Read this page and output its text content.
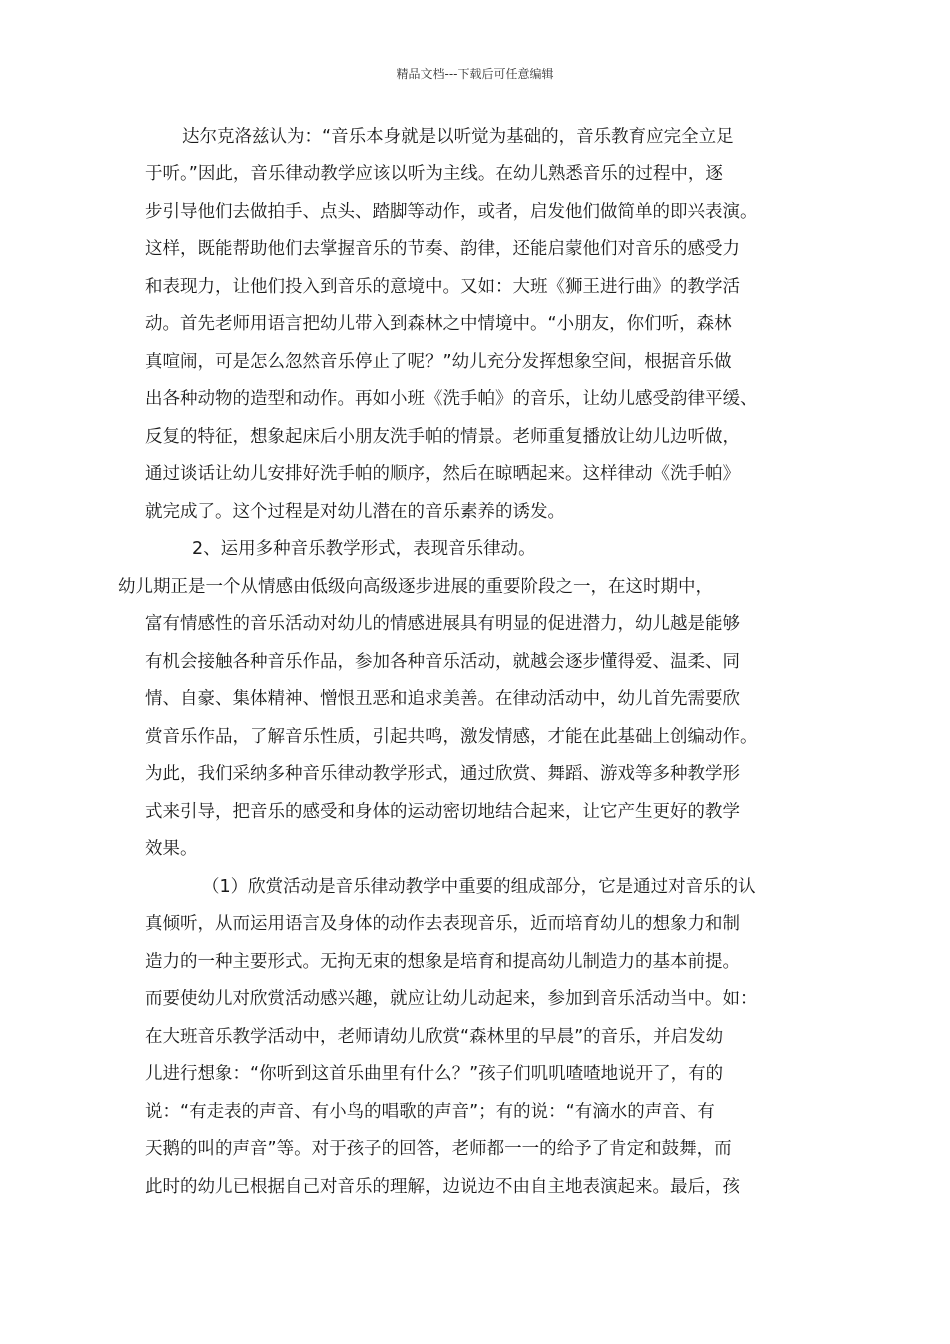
精品文档---下载后可任意编辑
达尔克洛兹认为：“音乐本身就是以听觉为基础的，音乐教育应完全立足
于听。”因此，音乐律动教学应该以听为主线。在幼儿熟悉音乐的过程中，逐
步引导他们去做拍手、点头、踏脚等动作，或者，启发他们做简单的即兴表演。
这样，既能帮助他们去掌握音乐的节奏、韵律，还能启蒙他们对音乐的感受力
和表现力，让他们投入到音乐的意境中。又如：大班《狮王进行曲》的教学活
动。首先老师用语言把幼儿带入到森林之中情境中。“小朋友，你们听，森林
真喧闹，可是怎么忽然音乐停止了呢？”幼儿充分发挥想象空间，根据音乐做
出各种动物的造型和动作。再如小班《洗手帕》的音乐，让幼儿感受韵律平缓、
反复的特征，想象起床后小朋友洗手帕的情景。老师重复播放让幼儿边听做，
通过谈话让幼儿安排好洗手帕的顺序，然后在晾晒起来。这样律动《洗手帕》
就完成了。这个过程是对幼儿潜在的音乐素养的诱发。
2、运用多种音乐教学形式，表现音乐律动。
幼儿期正是一个从情感由低级向高级逐步进展的重要阶段之一，在这时期中，
富有情感性的音乐活动对幼儿的情感进展具有明显的促进潜力，幼儿越是能够
有机会接触各种音乐作品，参加各种音乐活动，就越会逐步懂得爱、温柔、同
情、自豪、集体精神、憎恨丑恶和追求美善。在律动活动中，幼儿首先需要欣
赏音乐作品，了解音乐性质，引起共鸣，激发情感，才能在此基础上创编动作。
为此，我们采纳多种音乐律动教学形式，通过欣赏、舞蹈、游戏等多种教学形
式来引导，把音乐的感受和身体的运动密切地结合起来，让它产生更好的教学
效果。
（1）欣赏活动是音乐律动教学中重要的组成部分，它是通过对音乐的认
真倾听，从而运用语言及身体的动作去表现音乐，近而培育幼儿的想象力和制
造力的一种主要形式。无拘无束的想象是培育和提高幼儿制造力的基本前提。
而要使幼儿对欣赏活动感兴趣，就应让幼儿动起来，参加到音乐活动当中。如：
在大班音乐教学活动中，老师请幼儿欣赏“森林里的早晨”的音乐，并启发幼
儿进行想象：“你听到这首乐曲里有什么？”孩子们叽叽喳喳地说开了，有的
说：“有走表的声音、有小鸟的唱歌的声音”；有的说：“有滴水的声音、有
天鹅的叫的声音”等。对于孩子的回答，老师都一一的给予了肯定和鼓舞，而
此时的幼儿已根据自己对音乐的理解，边说边不由自主地表演起来。最后，孩
